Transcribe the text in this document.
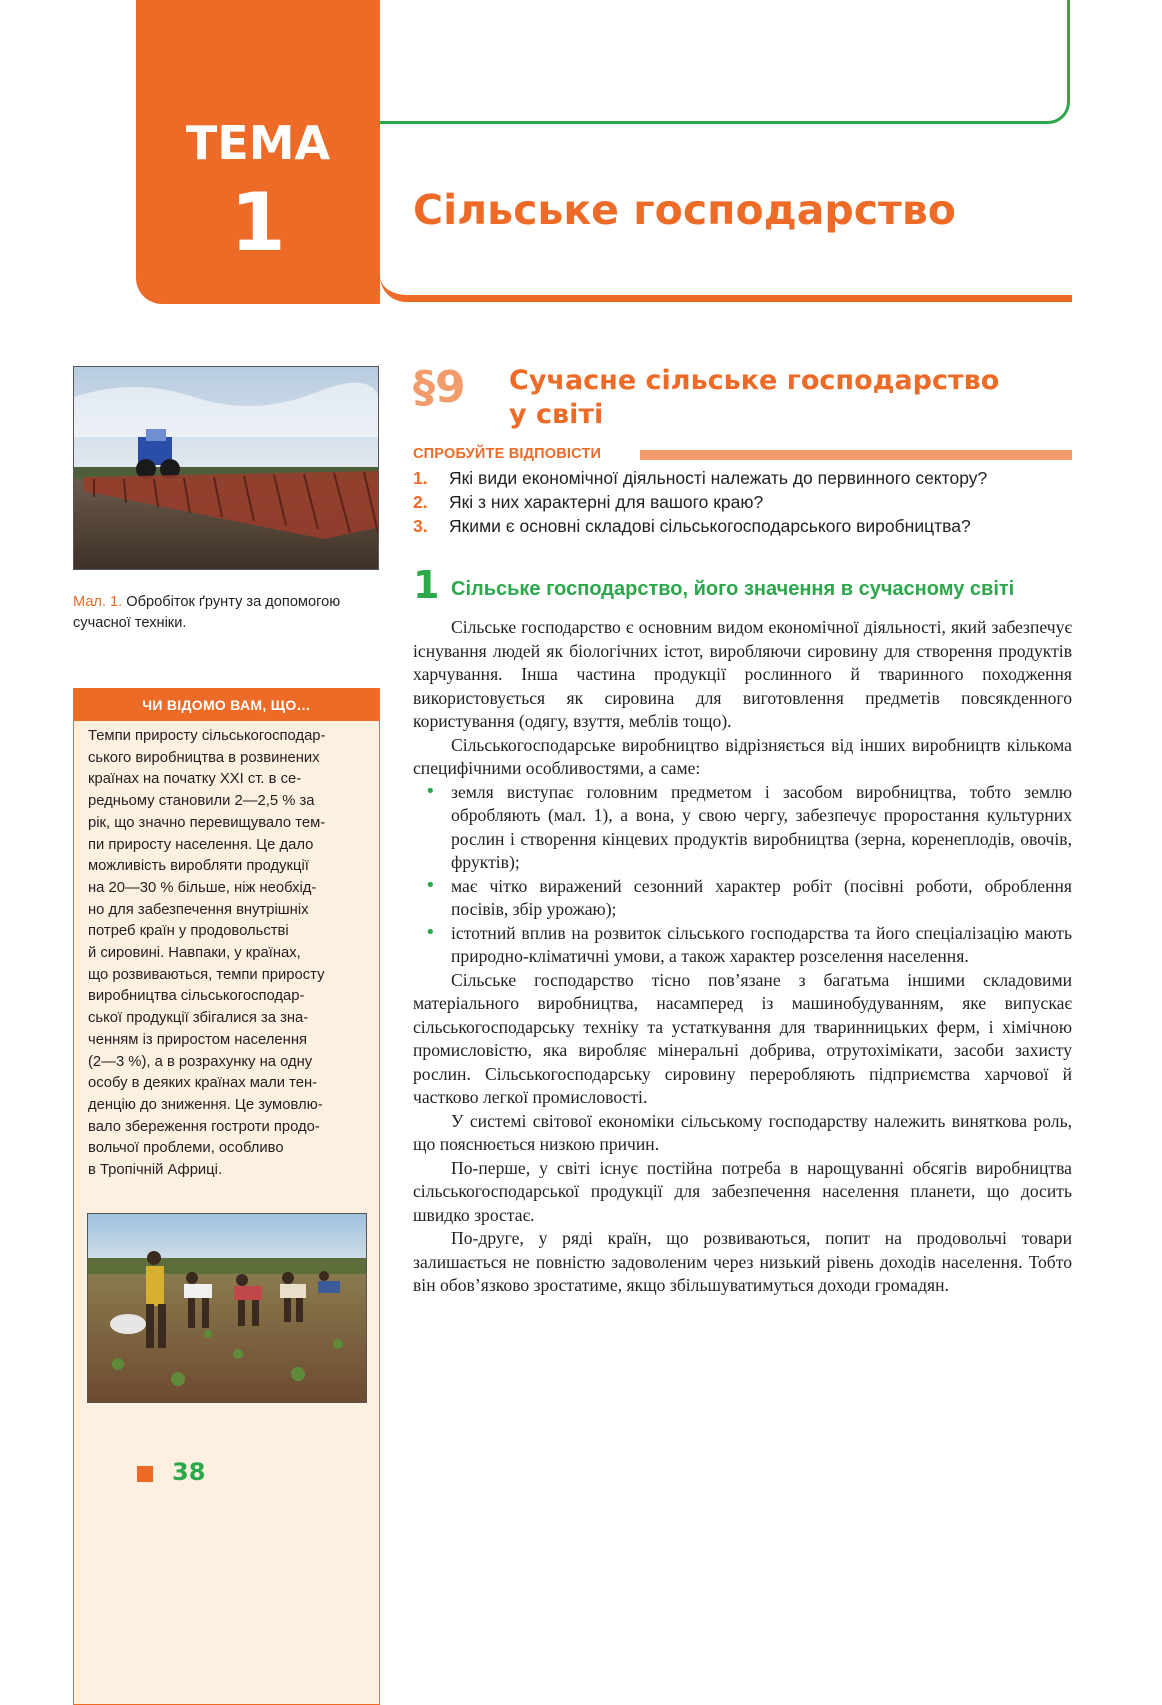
ТЕМА
1	Сільське господарство
Мал. 1. Обробіток ґрунту за допомогою сучасної техніки.
ЧИ ВІДОМО ВАМ, ЩО…
Темпи приросту сільськогосподар-
ського виробництва в розвинених
країнах на початку XXI ст. в се-
редньому становили 2—2,5 % за
рік, що значно перевищувало тем-
пи приросту населення. Це дало
можливість виробляти продукції
на 20—30 % більше, ніж необхід-
но для забезпечення внутрішніх
потреб країн у продовольстві
й сировині. Навпаки, у країнах,
що розвиваються, темпи приросту
виробництва сільськогосподар-
ської продукції збігалися за зна-
ченням із приростом населення
(2—3 %), а в розрахунку на одну
особу в деяких країнах мали тен-
денцію до зниження. Це зумовлю-
вало збереження гостроти продо-
вольчої проблеми, особливо
в Тропічній Африці.
§9 Сучасне сільське господарство
у світі
СПРОБУЙТЕ ВІДПОВІСТИ
1. Які види економічної діяльності належать до первинного сектору?
2. Які з них характерні для вашого краю?
3. Якими є основні складові сільськогосподарського виробництва?
1 Сільське господарство, його значення в сучасному світі

Сільське господарство є основним видом економічної діяльності, який забезпечує існування людей як біологічних істот, виробляючи сировину для створення продуктів харчування. Інша частина продукції рослинного й тваринного походження використовується як сировина для виготовлення предметів повсякденного користування (одягу, взуття, меблів тощо).

Сільськогосподарське виробництво відрізняється від інших виробництв кількома специфічними особливостями, а саме:

• земля виступає головним предметом і засобом виробництва, тобто землю обробляють (мал. 1), а вона, у свою чергу, забезпечує проростання культурних рослин і створення кінцевих продуктів виробництва (зерна, коренеплодів, овочів, фруктів);
• має чітко виражений сезонний характер робіт (посівні роботи, оброблення посівів, збір урожаю);
• істотний вплив на розвиток сільського господарства та його спеціалізацію мають природно-кліматичні умови, а також характер розселення населення.

Сільське господарство тісно пов’язане з багатьма іншими складовими матеріального виробництва, насамперед із машинобудуванням, яке випускає сільськогосподарську техніку та устаткування для тваринницьких ферм, і хімічною промисловістю, яка виробляє мінеральні добрива, отрутохімікати, засоби захисту рослин. Сільськогосподарську сировину переробляють підприємства харчової й частково легкої промисловості.

У системі світової економіки сільському господарству належить виняткова роль, що пояснюється низкою причин.

По-перше, у світі існує постійна потреба в нарощуванні обсягів виробництва сільськогосподарської продукції для забезпечення населення планети, що досить швидко зростає.

По-друге, у ряді країн, що розвиваються, попит на продовольчі товари залишається не повністю задоволеним через низький рівень доходів населення. Тобто він обов’язково зростатиме, якщо збільшуватимуться доходи громадян.

38
